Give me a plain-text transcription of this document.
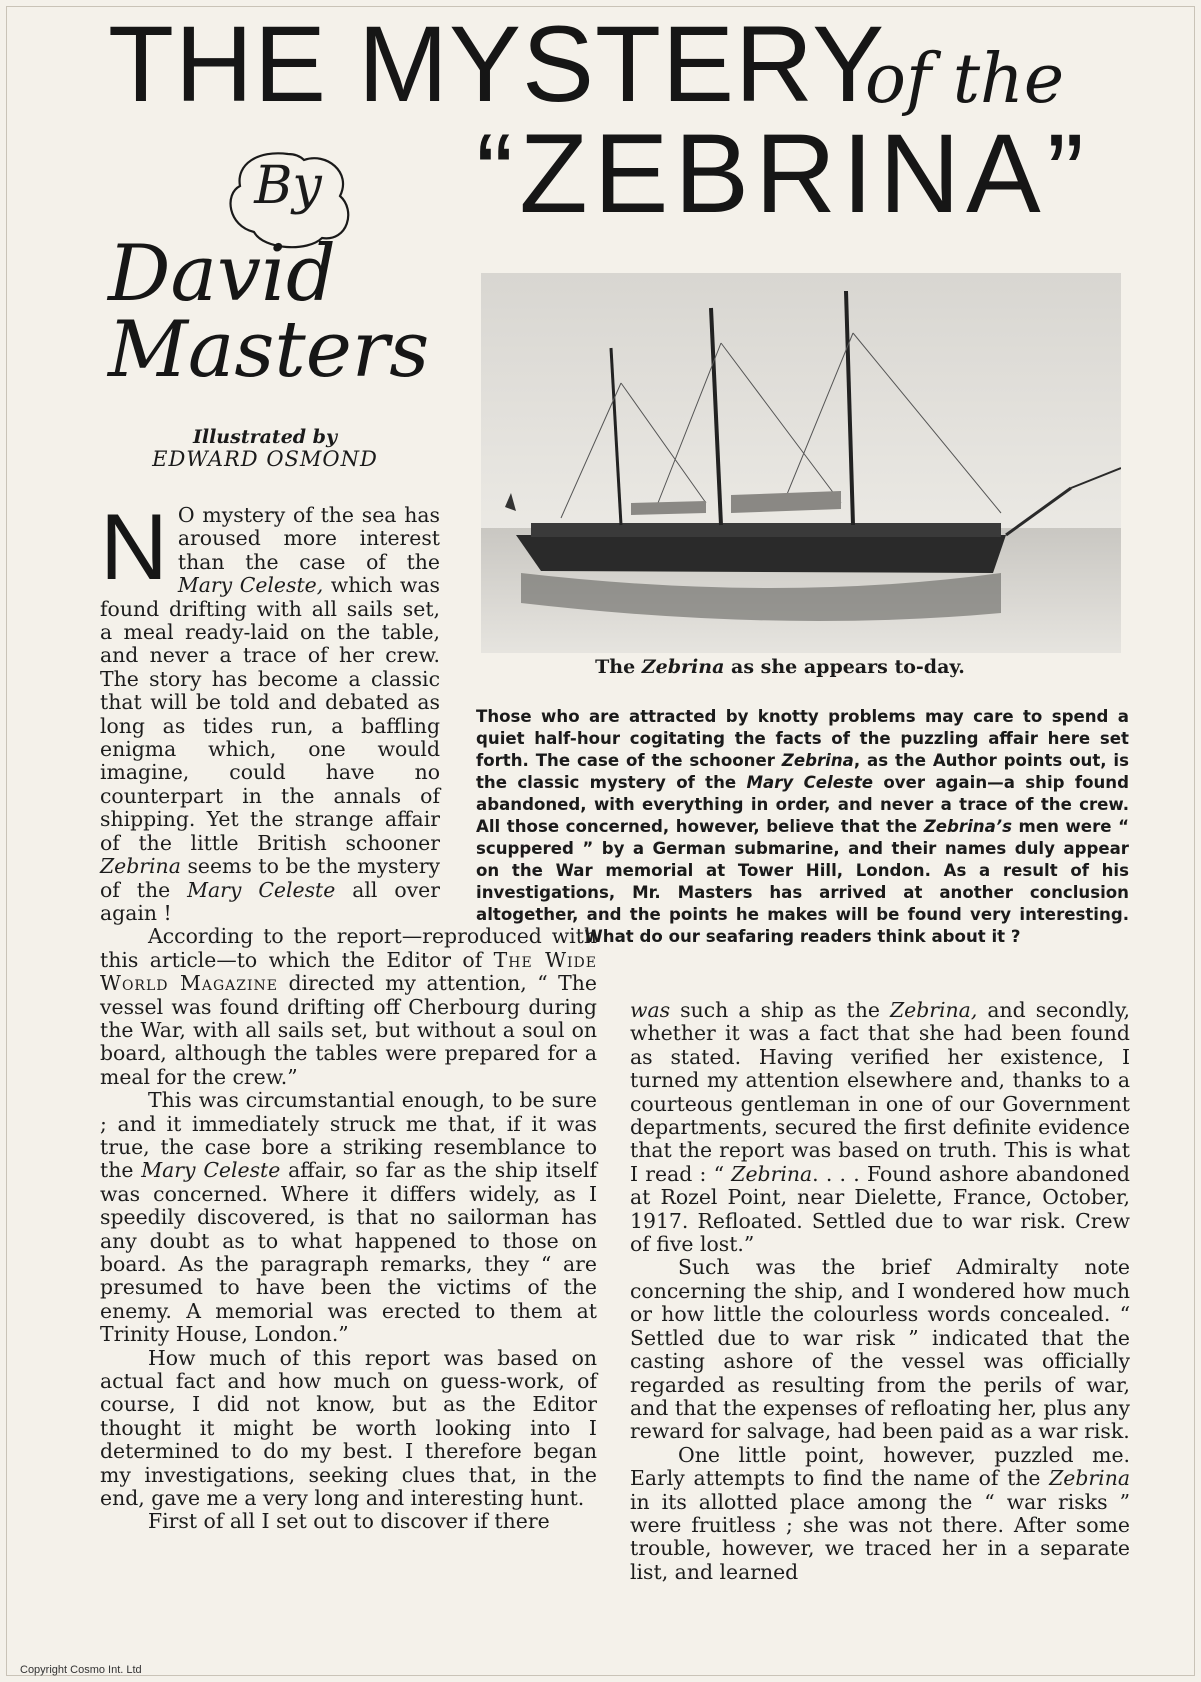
THE MYSTERY
of the
“ZEBRINA”
By
David Masters
Illustrated by
EDWARD OSMOND
The Zebrina as she appears to-day.
Those who are attracted by knotty problems may care to spend a quiet half-hour cogitating the facts of the puzzling affair here set forth. The case of the schooner Zebrina, as the Author points out, is the classic mystery of the Mary Celeste over again—a ship found abandoned, with everything in order, and never a trace of the crew. All those concerned, however, believe that the Zebrina’s men were “ scuppered ” by a German submarine, and their names duly appear on the War memorial at Tower Hill, London. As a result of his investigations, Mr. Masters has arrived at another conclusion altogether, and the points he makes will be found very interesting. What do our seafaring readers think about it ?

N O mystery of the sea has aroused more interest than the case of the Mary Celeste, which was found drifting with all sails set, a meal ready-laid on the table, and never a trace of her crew. The story has become a classic that will be told and debated as long as tides run, a baffling enigma which, one would imagine, could have no counterpart in the annals of shipping. Yet the strange affair of the little British schooner Zebrina seems to be the mystery of the Mary Celeste all over again !

According to the report—reproduced with this article—to which the Editor of The Wide World Magazine directed my attention, “ The vessel was found drifting off Cherbourg during the War, with all sails set, but without a soul on board, although the tables were prepared for a meal for the crew.”

This was circumstantial enough, to be sure ; and it immediately struck me that, if it was true, the case bore a striking resemblance to the Mary Celeste affair, so far as the ship itself was concerned. Where it differs widely, as I speedily discovered, is that no sailorman has any doubt as to what happened to those on board. As the paragraph remarks, they “ are presumed to have been the victims of the enemy. A memorial was erected to them at Trinity House, London.”

How much of this report was based on actual fact and how much on guess-work, of course, I did not know, but as the Editor thought it might be worth looking into I determined to do my best. I therefore began my investigations, seeking clues that, in the end, gave me a very long and interesting hunt.

First of all I set out to discover if there

was such a ship as the Zebrina, and secondly, whether it was a fact that she had been found as stated. Having verified her existence, I turned my attention elsewhere and, thanks to a courteous gentleman in one of our Government departments, secured the first definite evidence that the report was based on truth. This is what I read : “ Zebrina. . . . Found ashore abandoned at Rozel Point, near Dielette, France, October, 1917. Refloated. Settled due to war risk. Crew of five lost.”

Such was the brief Admiralty note concerning the ship, and I wondered how much or how little the colourless words concealed. “ Settled due to war risk ” indicated that the casting ashore of the vessel was officially regarded as resulting from the perils of war, and that the expenses of refloating her, plus any reward for salvage, had been paid as a war risk.

One little point, however, puzzled me. Early attempts to find the name of the Zebrina in its allotted place among the “ war risks ” were fruitless ; she was not there. After some trouble, however, we traced her in a separate list, and learned

Copyright Cosmo Int. Ltd
